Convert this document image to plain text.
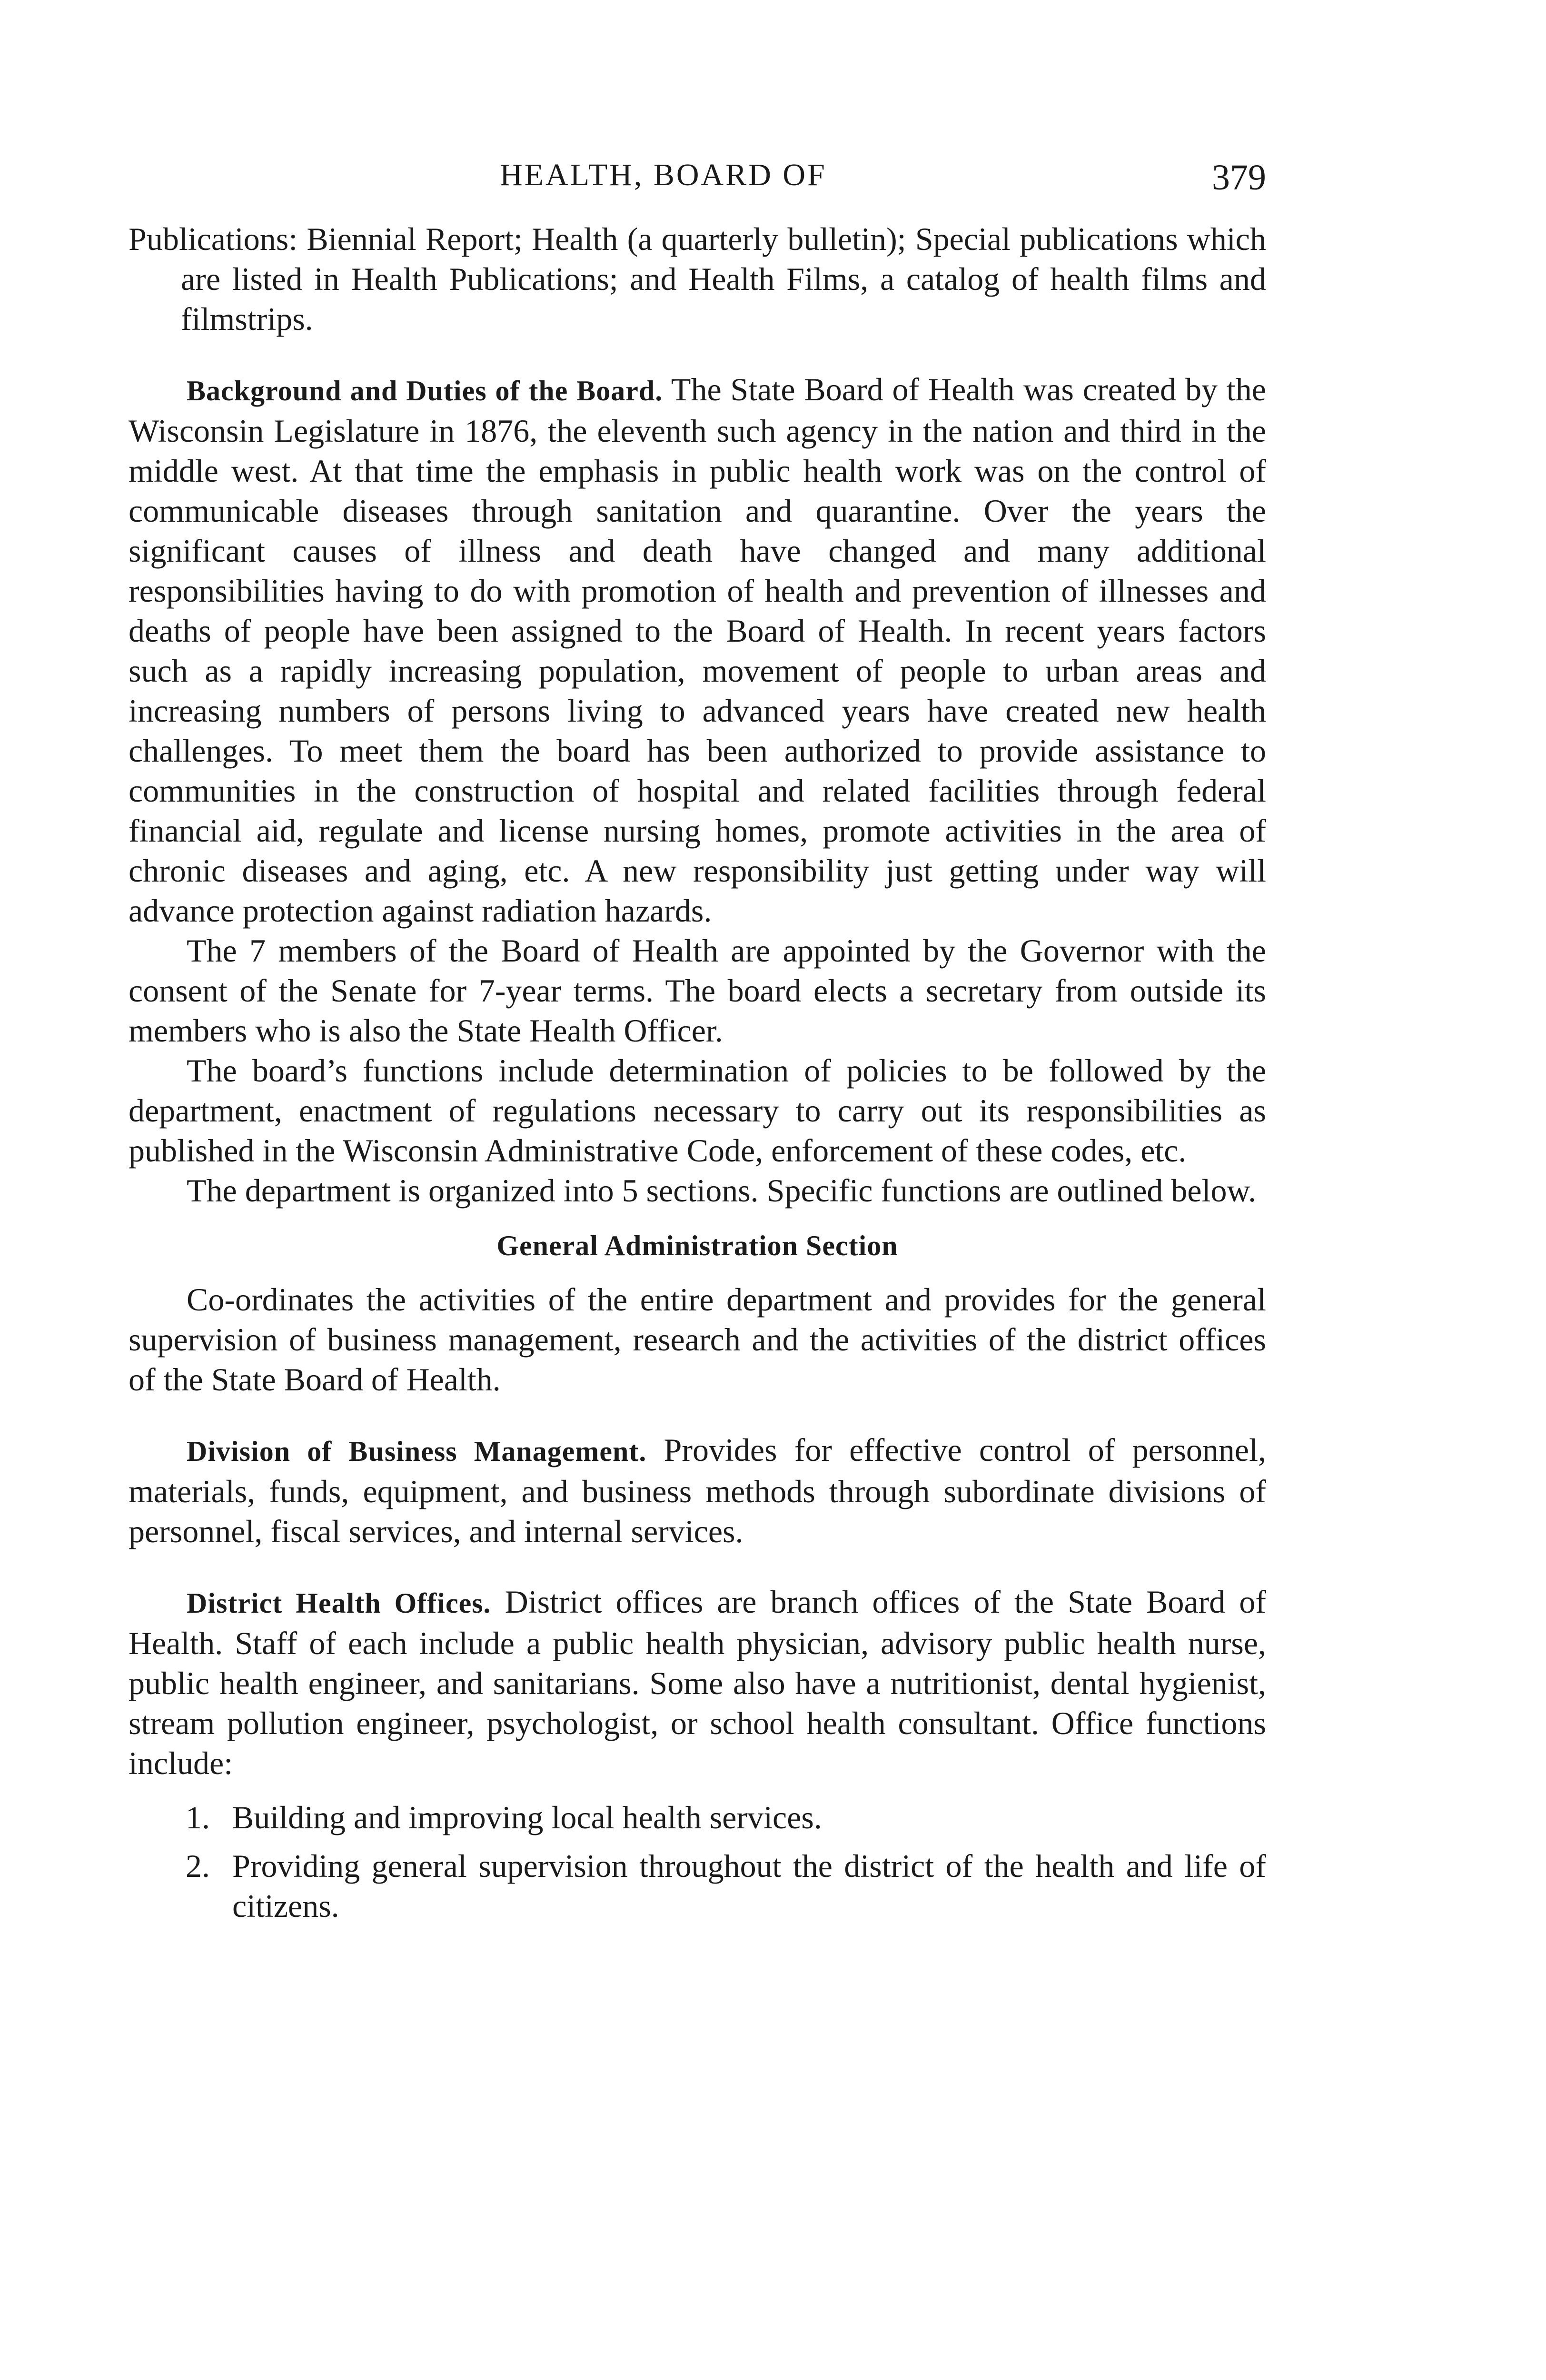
HEALTH, BOARD OF	379

Publications: Biennial Report; Health (a quarterly bulletin); Special publications which are listed in Health Publications; and Health Films, a catalog of health films and filmstrips.

Background and Duties of the Board. The State Board of Health was created by the Wisconsin Legislature in 1876, the eleventh such agency in the nation and third in the middle west. At that time the emphasis in public health work was on the control of communicable diseases through sanitation and quarantine. Over the years the significant causes of illness and death have changed and many additional responsibilities having to do with promotion of health and prevention of illnesses and deaths of people have been assigned to the Board of Health. In recent years factors such as a rapidly increasing population, movement of people to urban areas and increasing numbers of persons living to advanced years have created new health challenges. To meet them the board has been authorized to provide assistance to communities in the construction of hospital and related facilities through federal financial aid, regulate and license nursing homes, promote activities in the area of chronic diseases and aging, etc. A new responsibility just getting under way will advance protection against radiation hazards.

The 7 members of the Board of Health are appointed by the Governor with the consent of the Senate for 7-year terms. The board elects a secretary from outside its members who is also the State Health Officer.

The board’s functions include determination of policies to be followed by the department, enactment of regulations necessary to carry out its responsibilities as published in the Wisconsin Administrative Code, enforcement of these codes, etc.

The department is organized into 5 sections. Specific functions are outlined below.

General Administration Section

Co-ordinates the activities of the entire department and provides for the general supervision of business management, research and the activities of the district offices of the State Board of Health.

Division of Business Management. Provides for effective control of personnel, materials, funds, equipment, and business methods through subordinate divisions of personnel, fiscal services, and internal services.

District Health Offices. District offices are branch offices of the State Board of Health. Staff of each include a public health physician, advisory public health nurse, public health engineer, and sanitarians. Some also have a nutritionist, dental hygienist, stream pollution engineer, psychologist, or school health consultant. Office functions include:

1. Building and improving local health services.
2. Providing general supervision throughout the district of the health and life of citizens.
